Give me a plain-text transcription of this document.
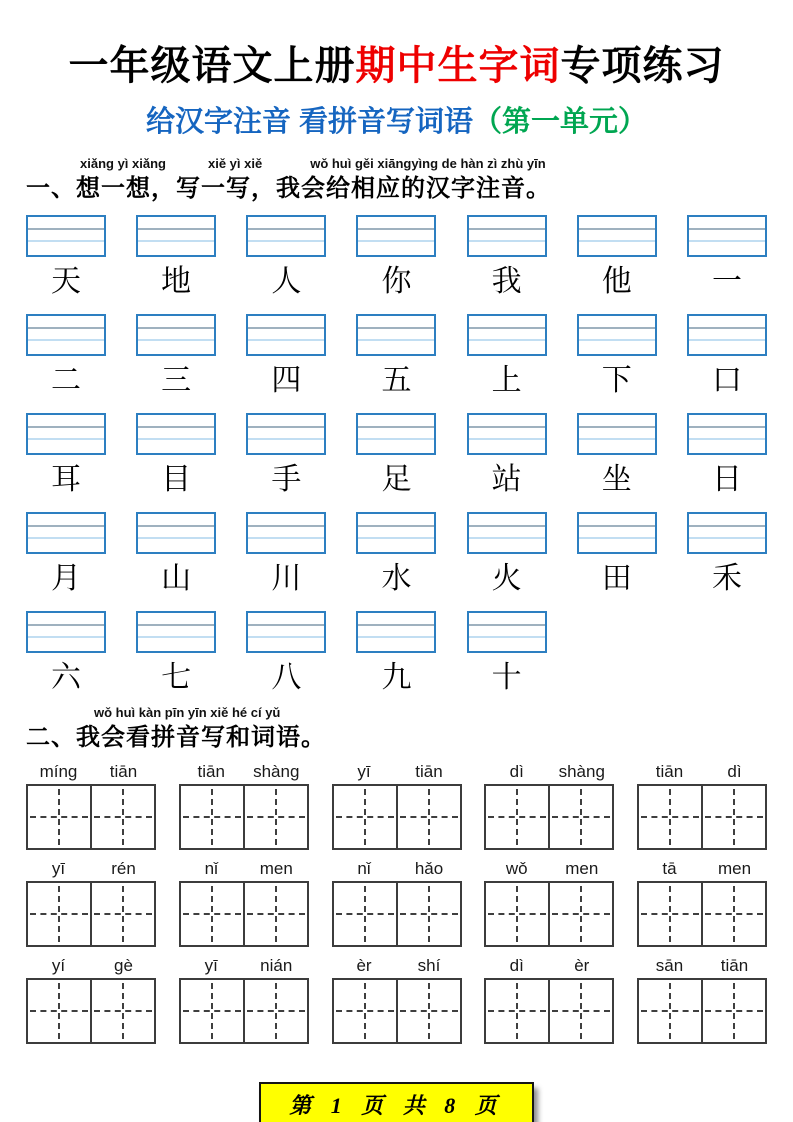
一年级语文上册期中生字词专项练习
给汉字注音 看拼音写词语（第一单元）
xiǎng yì xiǎng	xiě yì xiě	wǒ huì gěi xiāngyìng de hàn zì zhù yīn
一、想一想，写一写，我会给相应的汉字注音。
天	地	人	你	我	他	一
二	三	四	五	上	下	口
耳	目	手	足	站	坐	日
月	山	川	水	火	田	禾
六	七	八	九	十
wǒ huì kàn pīn yīn xiě hé cí yǔ
二、我会看拼音写和词语。
míng	tiān	tiān	shàng	yī	tiān	dì	shàng	tiān	dì
yī	rén	nǐ	men	nǐ	hǎo	wǒ	men	tā	men
yí	gè	yī	nián	èr	shí	dì	èr	sān	tiān
第 1 页 共 8 页
